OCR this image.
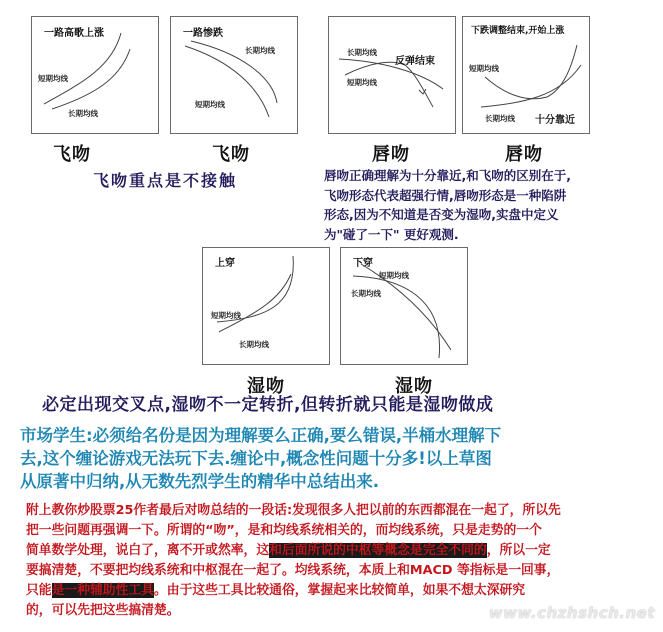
一路高歌上涨
短期均线
长期均线
飞吻
一路惨跌
长期均线
短期均线
飞吻
长期均线
反弹结束
短期均线
唇吻
下跌调整结束,开始上涨
短期均线
长期均线 十分靠近
唇吻
飞吻重点是不接触	唇吻正确理解为十分靠近,和飞吻的区别在于,
飞吻形态代表超强行情,唇吻形态是一种陷阱
形态,因为不知道是否变为湿吻,实盘中定义
为"碰了一下" 更好观测.
上穿
短期均线
长期均线
湿吻
下穿
短期均线
长期均线
湿吻
必定出现交叉点,湿吻不一定转折,但转折就只能是湿吻做成
市场学生:必须给名份是因为理解要么正确,要么错误,半桶水理解下
去,这个缠论游戏无法玩下去.缠论中,概念性问题十分多!以上草图
从原著中归纳,从无数先烈学生的精华中总结出来.
附上教你炒股票25作者最后对吻总结的一段话:发现很多人把以前的东西都混在一起了，所以先
把一些问题再强调一下。所谓的“吻”，是和均线系统相关的，而均线系统，只是走势的一个
简单数学处理，说白了，离不开或然率，这和后面所说的中枢等概念是完全不同的，所以一定
要搞清楚，不要把均线系统和中枢混在一起了。均线系统，本质上和MACD 等指标是一回事，
只能是一种辅助性工具。由于这些工具比较通俗，掌握起来比较简单，如果不想太深研究
的，可以先把这些搞清楚。	www.chzhshch.net
